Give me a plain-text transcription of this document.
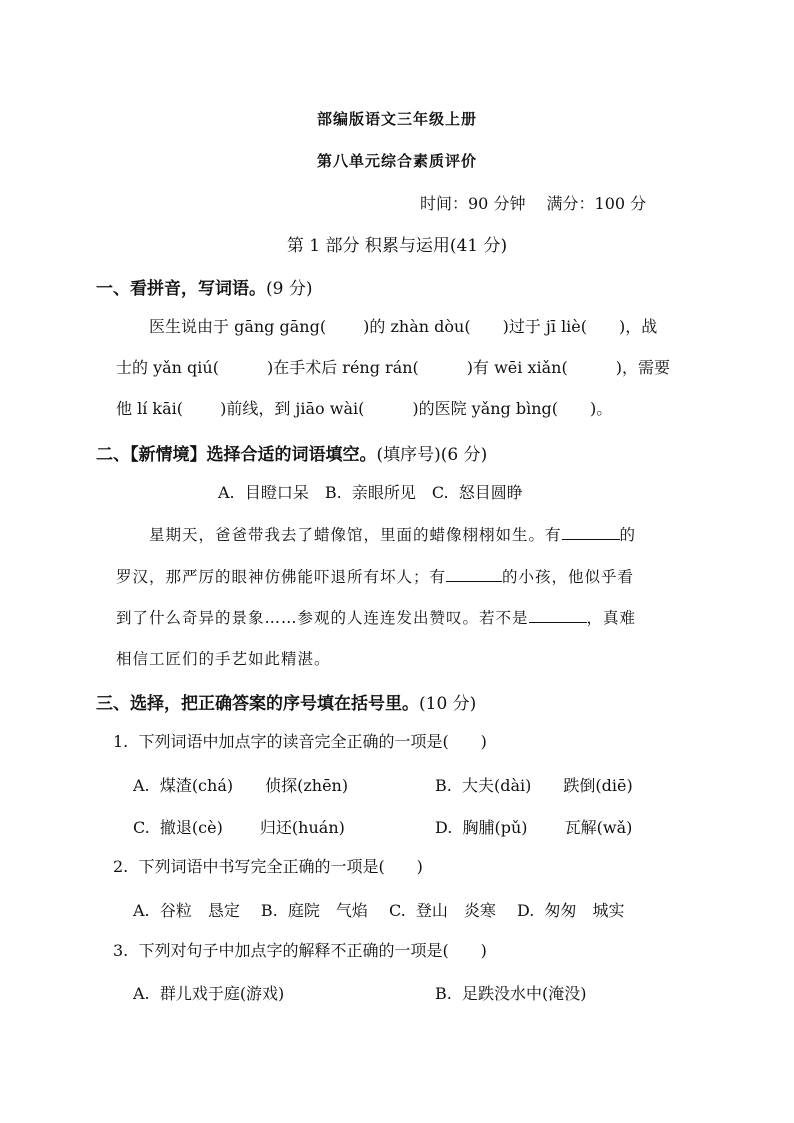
部编版语文三年级上册
第八单元综合素质评价
时间：90 分钟　 满分：100 分
第 1 部分 积累与运用(41 分)
一、看拼音，写词语。(9 分)
医生说由于 gāng gāng(　　 )的 zhàn dòu(　　)过于 jī liè(　　)，战
士的 yǎn qiú(　　　)在手术后 réng rán(　　　)有 wēi xiǎn(　　　)，需要
他 lí kāi(　　 )前线，到 jiāo wài(　　　)的医院 yǎng bìng(　　)。
二、【新情境】选择合适的词语填空。(填序号)(6 分)
A.  目瞪口呆　B.  亲眼所见　C.  怒目圆睁
星期天，爸爸带我去了蜡像馆，里面的蜡像栩栩如生。有	的
罗汉，那严厉的眼神仿佛能吓退所有坏人；有	的小孩，他似乎看
到了什么奇异的景象……参观的人连连发出赞叹。若不是	，真难
相信工匠们的手艺如此精湛。
三、选择，把正确答案的序号填在括号里。(10 分)
1.  下列词语中加点字的读音完全正确的一项是(　　)
A.  煤渣(chá)　　侦探(zhēn)	B.  大夫(dài)　　跌倒(diē)
C.  撤退(cè)　　 归还(huán)	D.  胸脯(pǔ)　　 瓦解(wǎ)
2.  下列词语中书写完全正确的一项是(　　)
A.  谷粒　恳定　 B.  庭院　气焰　 C.  登山　炎寒　 D.  匆匆　城实
3.  下列对句子中加点字的解释不正确的一项是(　　)
A.  群儿戏于庭(游戏)	B.  足跌没水中(淹没)
